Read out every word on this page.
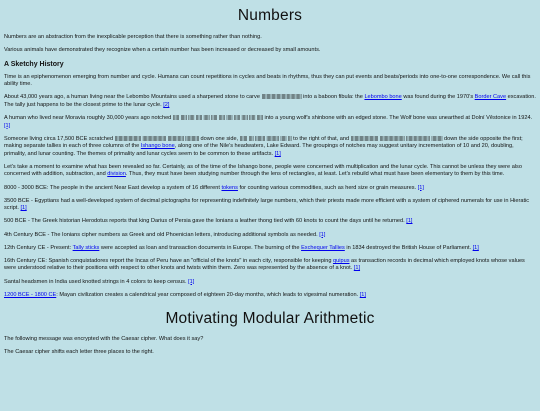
Numbers

Numbers are an abstraction from the inexplicable perception that there is something rather than nothing.

Various animals have demonstrated they recognize when a certain number has been increased or decreased by small amounts.

A Sketchy History

Time is an epiphenomenon emerging from number and cycle. Humans can count repetitions in cycles and beats in rhythms, thus they can put events and beats/periods into one-to-one correspondence. We call this ability time.

About 43,000 years ago, a human living near the Lebombo Mountains used a sharpened stone to carve |||||||||||||||||||||||||||||||| into a baboon fibula: the Lebombo bone was found during the 1970's Border Cave excavation. The tally just happens to be the closest prime to the lunar cycle. [2]

A human who lived near Moravia roughly 30,000 years ago notched ||||| ||||| ||||| ||||| ||||| ||||| ||||| ||||| ||||| ||||| ||||| ||||| into a young wolf's shinbone with an edged stone. The Wolf bone was unearthed at Dolní Věstonice in 1924. [1]

Someone living circa 17,500 BCE scratched ||||||||||||||||||||| ||||||||||||||||||| ||||||||||||| ||||||||||| down one side, |||||| |||| |||||||| |||||||||| ||||| ||| to the right of that, and |||||||||||||||||||||| |||||||||||||||||||| ||||||||||||||||||| ||||||||| down the side opposite the first; making separate tallies in each of three columns of the Ishango bone, along one of the Nile's headwaters, Lake Edward. The groupings of notches may suggest unitary incrementation of 10 and 20, doubling, primality, and lunar counting. The themes of primality and lunar cycles seem to be common to these artifacts. [1]

Let's take a moment to examine what has been revealed so far. Certainly, as of the time of the Ishango bone, people were concerned with multiplication and the lunar cycle. This cannot be unless they were also concerned with addition, subtraction, and division. Thus, they must have been studying number through the lens of rectangles, at least. Let's rebuild what must have been elementary to them by this time.

8000 - 3000 BCE: The people in the ancient Near East develop a system of 16 different tokens for counting various commodities, such as herd size or grain measures. [1]

3500 BCE - Egyptians had a well-developed system of decimal pictographs for representing indefinitely large numbers, which their priests made more efficient with a system of ciphered numerals for use in Hieratic script. [1]

500 BCE - The Greek historian Herodotus reports that king Darius of Persia gave the Ionians a leather thong tied with 60 knots to count the days until he returned. [1]

4th Century BCE - The Ionians cipher numbers as Greek and old Phoenician letters, introducing additional symbols as needed. [1]

12th Century CE - Present: Tally sticks were accepted as loan and transaction documents in Europe. The burning of the Exchequer Tallies in 1834 destroyed the British House of Parliament. [1]

16th Century CE: Spanish conquistadores report the Incas of Peru have an "official of the knots" in each city, responsible for keeping quipus as transaction records in decimal which employed knots whose values were understood relative to their positions with respect to other knots and twists within them. Zero was represented by the absence of a knot. [1]

Santal headsmen in India used knotted strings in 4 colors to keep census. [1]

1200 BCE - 1800 CE: Mayan civilization creates a calendrical year composed of eighteen 20-day months, which leads to vigesimal numeration. [1]

Motivating Modular Arithmetic

The following message was encrypted with the Caesar cipher. What does it say?

The Caesar cipher shifts each letter three places to the right.
